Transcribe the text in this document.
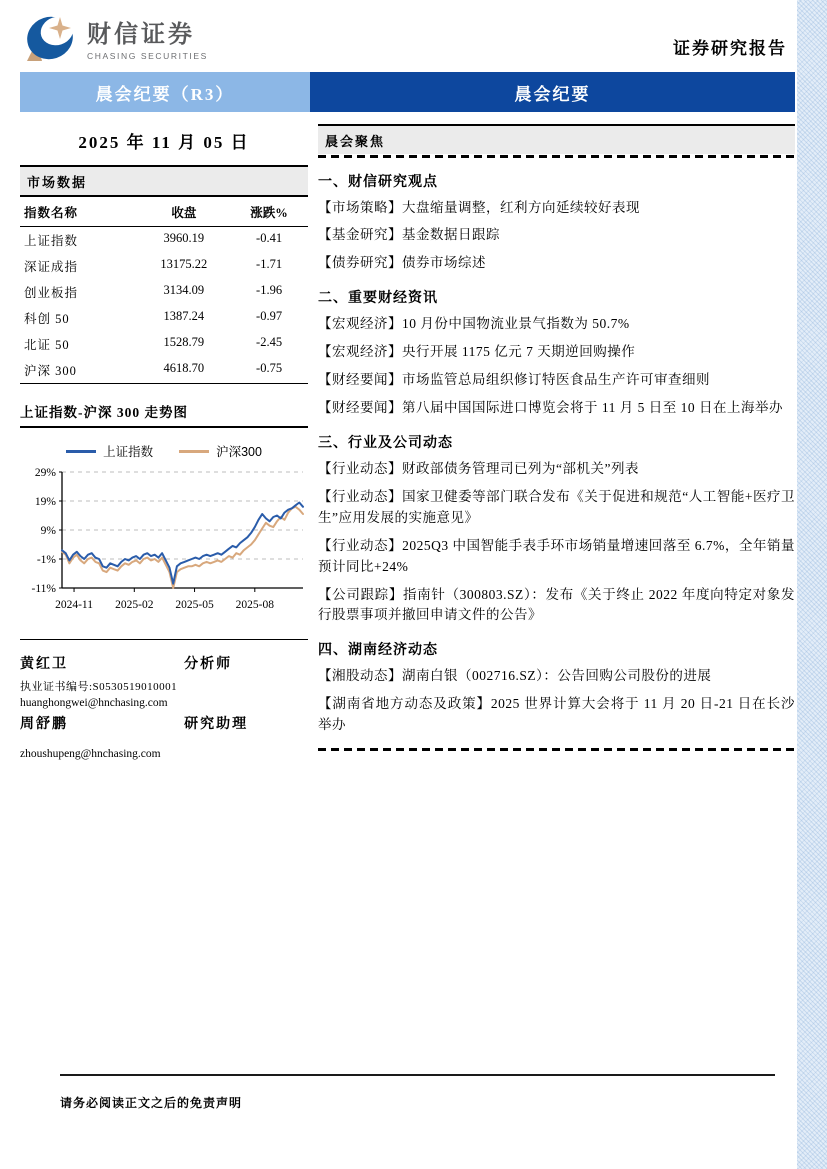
财信证券
CHASING SECURITIES	证券研究报告
晨会纪要（R3）	晨会纪要
2025 年 11 月 05 日
市场数据
指数名称	收盘	涨跌%
上证指数	3960.19	-0.41
深证成指	13175.22	-1.71
创业板指	3134.09	-1.96
科创 50	1387.24	-0.97
北证 50	1528.79	-2.45
沪深 300	4618.70	-0.75
上证指数-沪深 300 走势图
上证指数	沪深300
29%
19%
9%
-1%
-11%
2024-11 2025-02 2025-05 2025-08
黄红卫	分析师
执业证书编号:S0530519010001
huanghongwei@hnchasing.com
周舒鹏	研究助理
zhoushupeng@hnchasing.com
晨会聚焦
一、财信研究观点
【市场策略】大盘缩量调整，红利方向延续较好表现
【基金研究】基金数据日跟踪
【债券研究】债券市场综述
二、重要财经资讯
【宏观经济】10 月份中国物流业景气指数为 50.7%
【宏观经济】央行开展 1175 亿元 7 天期逆回购操作
【财经要闻】市场监管总局组织修订特医食品生产许可审查细则
【财经要闻】第八届中国国际进口博览会将于 11 月 5 日至 10 日在上海举办
三、行业及公司动态
【行业动态】财政部债务管理司已列为“部机关”列表
【行业动态】国家卫健委等部门联合发布《关于促进和规范“人工智能+医疗卫生”应用发展的实施意见》
【行业动态】2025Q3 中国智能手表手环市场销量增速回落至 6.7%，全年销量预计同比+24%
【公司跟踪】指南针（300803.SZ）：发布《关于终止 2022 年度向特定对象发行股票事项并撤回申请文件的公告》
四、湖南经济动态
【湘股动态】湖南白银（002716.SZ）：公告回购公司股份的进展
【湖南省地方动态及政策】2025 世界计算大会将于 11 月 20 日-21 日在长沙举办
请务必阅读正文之后的免责声明
